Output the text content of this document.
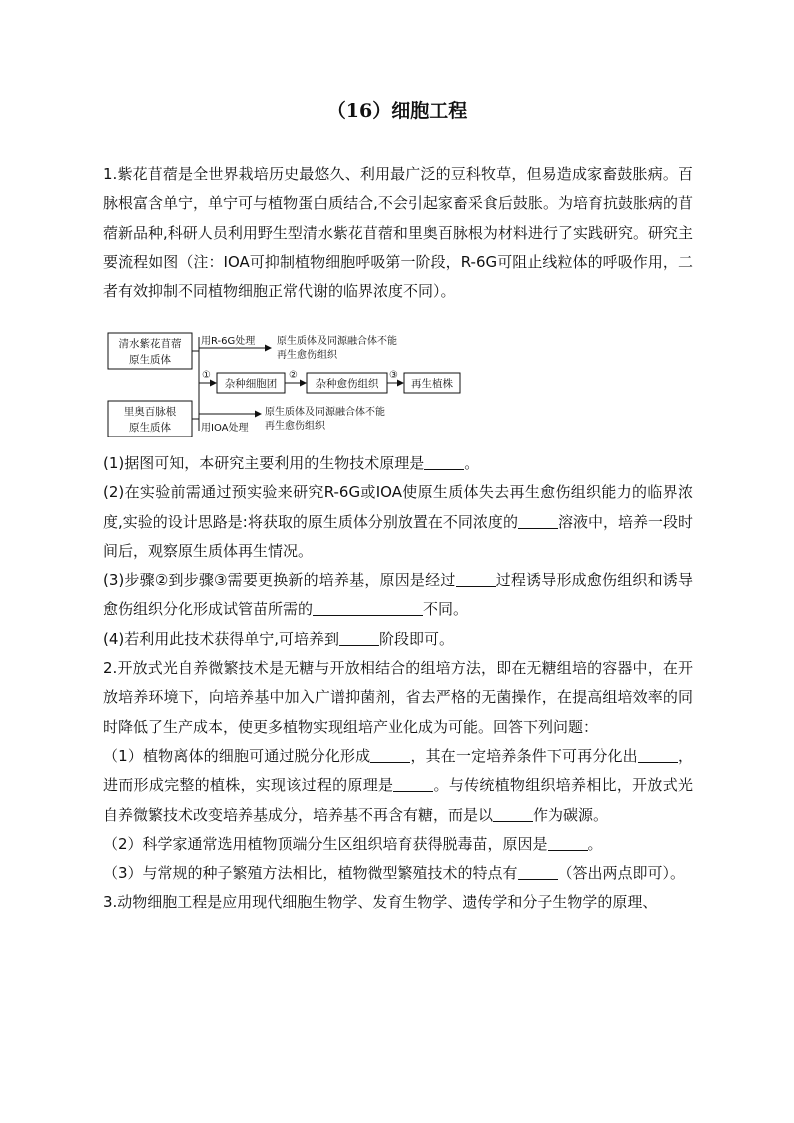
（16）细胞工程

1.紫花苜蓿是全世界栽培历史最悠久、利用最广泛的豆科牧草，但易造成家畜鼓胀病。百脉根富含单宁，单宁可与植物蛋白质结合,不会引起家畜采食后鼓胀。为培育抗鼓胀病的苜蓿新品种,科研人员利用野生型清水紫花苜蓿和里奥百脉根为材料进行了实践研究。研究主要流程如图（注：IOA可抑制植物细胞呼吸第一阶段，R-6G可阻止线粒体的呼吸作用，二者有效抑制不同植物细胞正常代谢的临界浓度不同）。

清水紫花苜蓿
原生质体
里奥百脉根
原生质体
用R-6G处理 原生质体及同源融合体不能
再生愈伤组织
用IOA处理
原生质体及同源融合体不能
再生愈伤组织
①
杂种细胞团
②
杂种愈伤组织
③
再生植株

(1)据图可知，本研究主要利用的生物技术原理是	。

(2)在实验前需通过预实验来研究R-6G或IOA使原生质体失去再生愈伤组织能力的临界浓度,实验的设计思路是:将获取的原生质体分别放置在不同浓度的	溶液中，培养一段时间后，观察原生质体再生情况。

(3)步骤②到步骤③需要更换新的培养基，原因是经过	过程诱导形成愈伤组织和诱导愈伤组织分化形成试管苗所需的	不同。

(4)若利用此技术获得单宁,可培养到	阶段即可。

2.开放式光自养微繁技术是无糖与开放相结合的组培方法，即在无糖组培的容器中，在开放培养环境下，向培养基中加入广谱抑菌剂，省去严格的无菌操作，在提高组培效率的同时降低了生产成本，使更多植物实现组培产业化成为可能。回答下列问题：

（1）植物离体的细胞可通过脱分化形成	，其在一定培养条件下可再分化出	，进而形成完整的植株，实现该过程的原理是	。与传统植物组织培养相比，开放式光自养微繁技术改变培养基成分，培养基不再含有糖，而是以	作为碳源。

（2）科学家通常选用植物顶端分生区组织培育获得脱毒苗，原因是	。

（3）与常规的种子繁殖方法相比，植物微型繁殖技术的特点有	（答出两点即可）。

3.动物细胞工程是应用现代细胞生物学、发育生物学、遗传学和分子生物学的原理、
